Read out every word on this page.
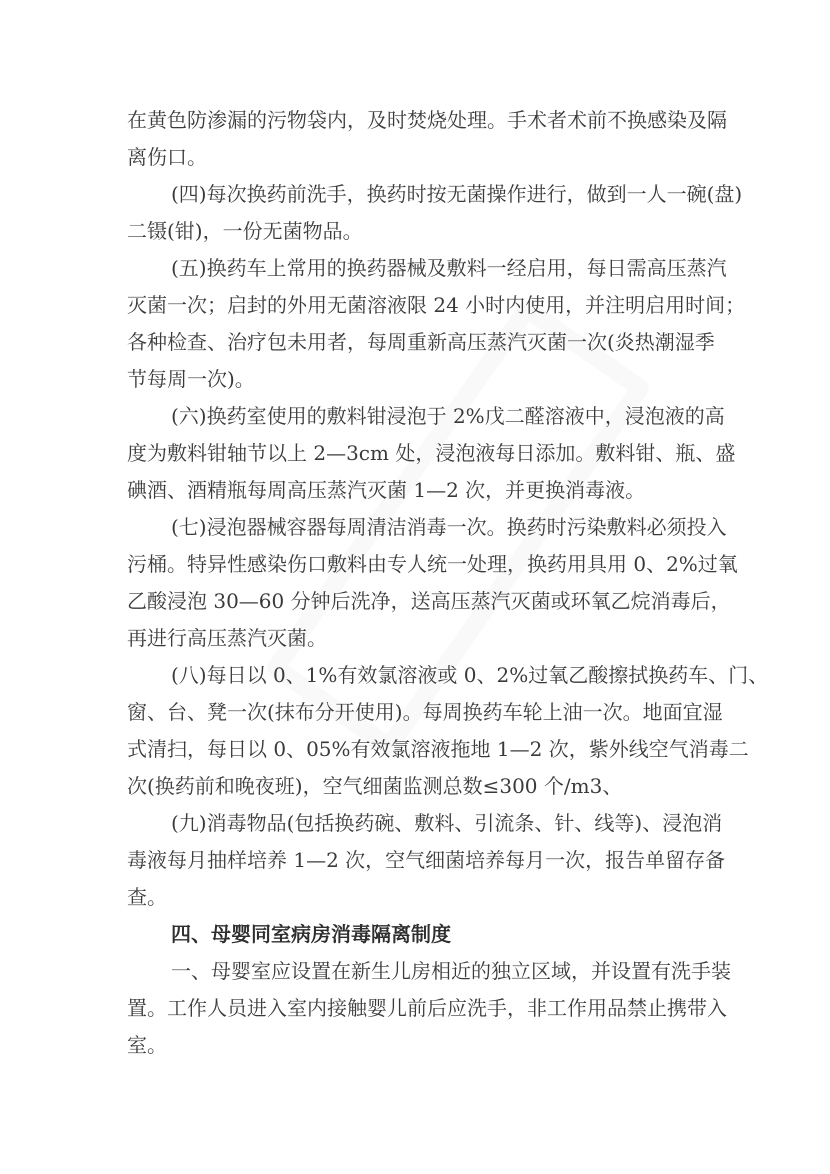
在黄色防渗漏的污物袋内，及时焚烧处理。手术者术前不换感染及隔
离伤口。
(四)每次换药前洗手，换药时按无菌操作进行，做到一人一碗(盘)
二镊(钳)，一份无菌物品。
(五)换药车上常用的换药器械及敷料一经启用，每日需高压蒸汽
灭菌一次；启封的外用无菌溶液限 24 小时内使用，并注明启用时间；
各种检查、治疗包未用者，每周重新高压蒸汽灭菌一次(炎热潮湿季
节每周一次)。
(六)换药室使用的敷料钳浸泡于 2%戊二醛溶液中，浸泡液的高
度为敷料钳轴节以上 2—3cm 处，浸泡液每日添加。敷料钳、瓶、盛
碘酒、酒精瓶每周高压蒸汽灭菌 1—2 次，并更换消毒液。
(七)浸泡器械容器每周清洁消毒一次。换药时污染敷料必须投入
污桶。特异性感染伤口敷料由专人统一处理，换药用具用 0、2%过氧
乙酸浸泡 30—60 分钟后洗净，送高压蒸汽灭菌或环氧乙烷消毒后，
再进行高压蒸汽灭菌。
(八)每日以 0、1%有效氯溶液或 0、2%过氧乙酸擦拭换药车、门、
窗、台、凳一次(抹布分开使用)。每周换药车轮上油一次。地面宜湿
式清扫，每日以 0、05%有效氯溶液拖地 1—2 次，紫外线空气消毒二
次(换药前和晚夜班)，空气细菌监测总数≤300 个/m3、
(九)消毒物品(包括换药碗、敷料、引流条、针、线等)、浸泡消
毒液每月抽样培养 1—2 次，空气细菌培养每月一次，报告单留存备
查。
四、母婴同室病房消毒隔离制度
一、母婴室应设置在新生儿房相近的独立区域，并设置有洗手装
置。工作人员进入室内接触婴儿前后应洗手，非工作用品禁止携带入
室。
